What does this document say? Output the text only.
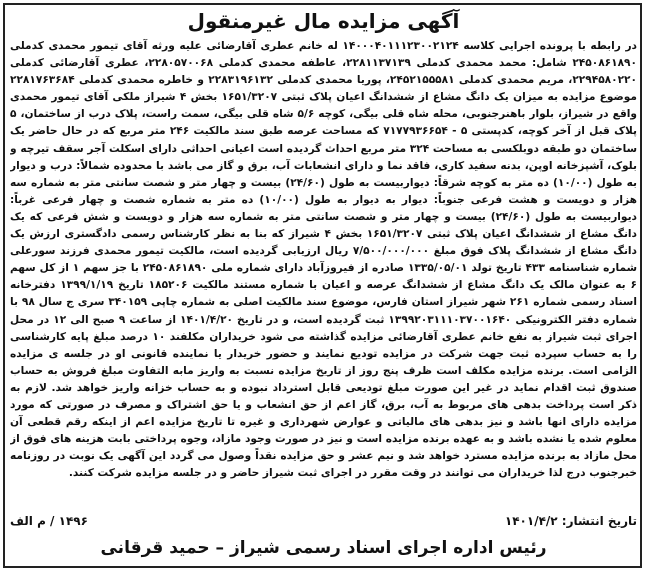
آگهی مزایده مال غیرمنقول
در رابطه با پرونده اجرایی کلاسه ۱۴۰۰۰۴۰۱۱۱۲۳۰۰۲۱۲۴ له خانم عطری آقارضائی علیه ورثه آقای تیمور محمدی کدملی ۲۴۵۰۸۶۱۸۹۰ شامل: محمد محمدی کدملی ۲۲۸۱۱۳۷۱۳۹، عاطفه محمدی کدملی ۲۲۸۰۵۷۰۰۶۸، عطری آقارضائی کدملی ۲۲۹۴۵۸۰۲۲۰، مریم محمدی کدملی ۲۴۵۲۱۵۵۵۸۱، پوریا محمدی کدملی ۲۲۸۳۱۹۶۱۳۲ و خاطره محمدی کدملی ۲۲۸۱۷۶۳۶۸۴ موضوع مزایده به میزان یک دانگ مشاع از ششدانگ اعیان پلاک ثبتی ۱۶۵۱/۳۲۰۷ بخش ۴ شیراز ملکی آقای تیمور محمدی واقع در شیراز، بلوار باهنرجنوبی، محله شاه قلی بیگی، کوچه ۵/۶ شاه قلی بیگی، سمت راست، پلاک درب از ساختمان، ۵ پلاک قبل از آخر کوچه، کدپستی ۵ - ۷۱۷۷۹۳۶۶۵۴ که مساحت عرصه طبق سند مالکیت ۲۴۶ متر مربع که در حال حاضر یک ساختمان دو طبقه دوبلکسی به مساحت ۳۲۴ متر مربع احداث گردیده است اعیانی احداثی دارای اسکلت آجر سقف تیرچه و بلوک، آشپزخانه اوپن، بدنه سفید کاری، فاقد نما و دارای انشعابات آب، برق و گاز می باشد با محدوده شمالاً: درب و دیوار به طول (۱۰/۰۰) ده متر به کوچه شرقاً: دیواربیست به طول (۲۴/۶۰) بیست و چهار متر و شصت سانتی متر به شماره سه هزار و دویست و هشت فرعی جنوباً: دیوار به دیوار به طول (۱۰/۰۰) ده متر به شماره شصت و چهار فرعی غرباً: دیواربیست به طول (۲۴/۶۰) بیست و چهار متر و شصت سانتی متر به شماره سه هزار و دویست و شش فرعی که یک دانگ مشاع از ششدانگ اعیان پلاک ثبتی ۱۶۵۱/۳۲۰۷ بخش ۴ شیراز که بنا به نظر کارشناس رسمی دادگستری ارزش یک دانگ مشاع از ششدانگ پلاک فوق مبلغ ۷/۵۰۰/۰۰۰/۰۰۰ ریال ارزیابی گردیده است، مالکیت تیمور محمدی فرزند سورعلی شماره شناسنامه ۴۳۳ تاریخ تولد ۱۳۳۵/۰۵/۰۱ صادره از فیروزآباد دارای شماره ملی ۲۴۵۰۸۶۱۸۹۰ با جز سهم ۱ از کل سهم ۶ به عنوان مالک یک دانگ مشاع از ششدانگ عرصه و اعیان با شماره مستند مالکیت ۱۸۵۲۰۶ تاریخ ۱۳۹۹/۱/۱۹ دفترخانه اسناد رسمی شماره ۲۶۱ شهر شیراز استان فارس، موضوع سند مالکیت اصلی به شماره چاپی ۳۴۰۱۵۹ سری ج سال ۹۸ با شماره دفتر الکترونیکی ۱۳۹۹۲۰۳۱۱۱۰۳۷۰۰۱۶۴۰ ثبت گردیده است، و در تاریخ ۱۴۰۱/۴/۲۰ از ساعت ۹ صبح الی ۱۲ در محل اجرای ثبت شیراز به نفع خانم عطری آقارضائی مزایده گذاشته می شود خریداران مکلفند ۱۰ درصد مبلغ پایه کارشناسی را به حساب سپرده ثبت جهت شرکت در مزایده تودیع نمایند و حضور خریدار یا نماینده قانونی او در جلسه ی مزایده الزامی است. برنده مزایده مکلف است ظرف پنج روز از تاریخ مزایده نسبت به واریز مابه التفاوت مبلغ فروش به حساب صندوق ثبت اقدام نماید در غیر این صورت مبلغ تودیعی قابل استرداد نبوده و به حساب خزانه واریز خواهد شد. لازم به ذکر است پرداخت بدهی های مربوط به آب، برق، گاز اعم از حق انشعاب و یا حق اشتراک و مصرف در صورتی که مورد مزایده دارای انها باشد و نیز بدهی های مالیاتی و عوارض شهرداری و غیره تا تاریخ مزایده اعم از اینکه رقم قطعی آن معلوم شده یا نشده باشد و به عهده برنده مزایده است و نیز در صورت وجود مازاد، وجوه پرداختی بابت هزینه های فوق از محل مازاد به برنده مزایده مسترد خواهد شد و نیم عشر و حق مزایده نقداً وصول می گردد این آگهی یک نوبت در روزنامه خبرجنوب درج لذا خریداران می توانند در وقت مقرر در اجرای ثبت شیراز حاضر و در جلسه مزایده شرکت کنند.
تاریخ انتشار: ۱۴۰۱/۴/۲
۱۴۹۶ / م الف
رئیس اداره اجرای اسناد رسمی شیراز – حمید قرقانی
